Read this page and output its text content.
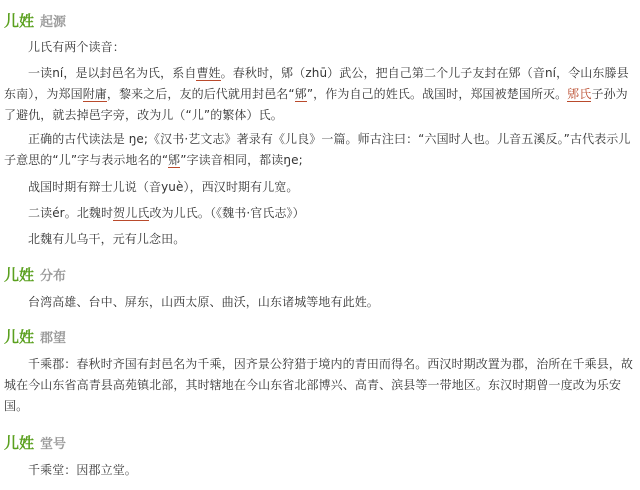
儿姓 起源
儿氏有两个读音：
一读ní，是以封邑名为氏，系自曹姓。春秋时，郳（zhū）武公，把自己第二个儿子友封在郳（音ní，令山东滕县东南），为郑国附庸，黎来之后，友的后代就用封邑名“郳”，作为自己的姓氏。战国时，郑国被楚国所灭。郳氏子孙为了避仇，就去掉邑字旁，改为儿（“儿”的繁体）氏。
正确的古代读法是 ŋe;《汉书·艺文志》著录有《儿良》一篇。师古注曰：“六国时人也。儿音五溪反。”古代表示儿子意思的“儿”字与表示地名的“郳”字读音相同，都读ŋe;
战国时期有辩士儿说（音yuè），西汉时期有儿宽。
二读ér。北魏时贺儿氏改为儿氏。（《魏书·官氏志》）
北魏有儿乌干，元有儿念田。
儿姓 分布
台湾高雄、台中、屏东，山西太原、曲沃，山东诸城等地有此姓。
儿姓 郡望
千乘郡：春秋时齐国有封邑名为千乘，因齐景公狩猎于境内的青田而得名。西汉时期改置为郡，治所在千乘县，故城在今山东省高青县高苑镇北部，其时辖地在今山东省北部博兴、高青、滨县等一带地区。东汉时期曾一度改为乐安国。
儿姓 堂号
千乘堂：因郡立堂。
